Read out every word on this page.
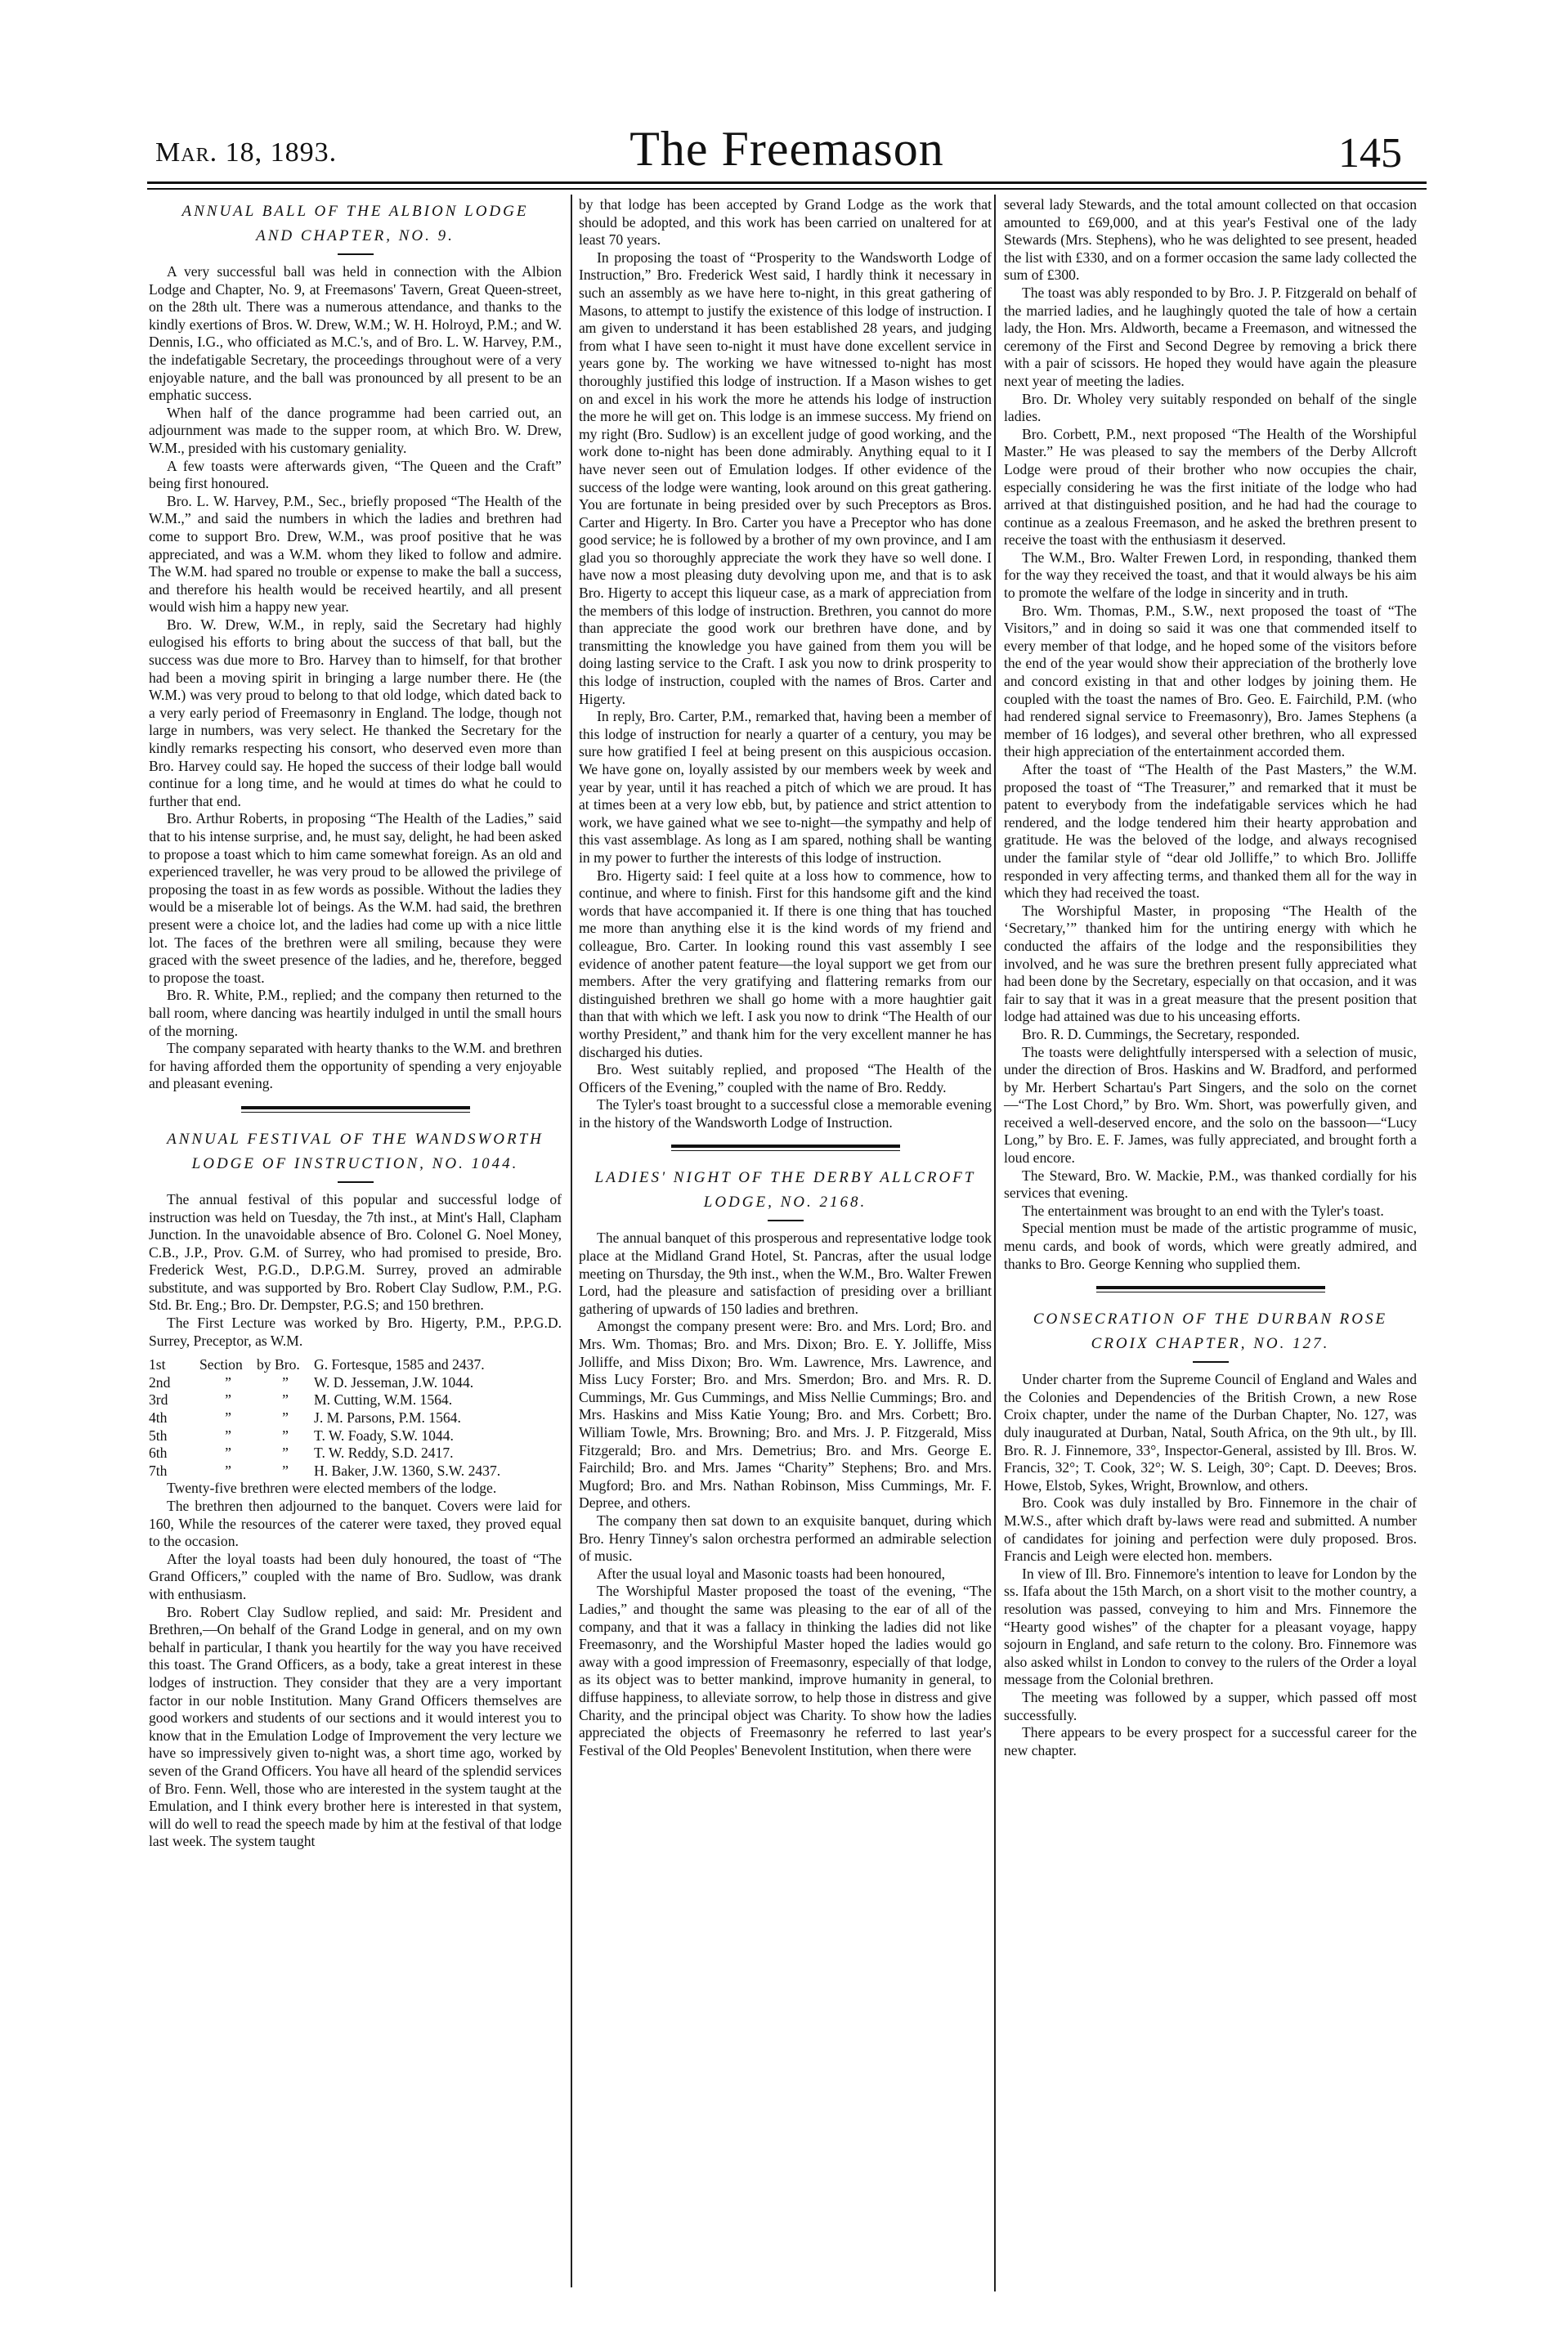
Mar. 18, 1893.	The Freemason	145
ANNUAL BALL OF THE ALBION LODGE
AND CHAPTER, NO. 9.

A very successful ball was held in connection with the Albion Lodge and Chapter, No. 9, at Freemasons' Tavern, Great Queen-street, on the 28th ult. There was a numerous attendance, and thanks to the kindly exertions of Bros. W. Drew, W.M.; W. H. Holroyd, P.M.; and W. Dennis, I.G., who officiated as M.C.'s, and of Bro. L. W. Harvey, P.M., the indefatigable Secretary, the proceedings throughout were of a very enjoyable nature, and the ball was pronounced by all present to be an emphatic success.

When half of the dance programme had been carried out, an adjournment was made to the supper room, at which Bro. W. Drew, W.M., presided with his customary geniality.

A few toasts were afterwards given, “The Queen and the Craft” being first honoured.

Bro. L. W. Harvey, P.M., Sec., briefly proposed “The Health of the W.M.,” and said the numbers in which the ladies and brethren had come to support Bro. Drew, W.M., was proof positive that he was appreciated, and was a W.M. whom they liked to follow and admire. The W.M. had spared no trouble or expense to make the ball a success, and therefore his health would be received heartily, and all present would wish him a happy new year.

Bro. W. Drew, W.M., in reply, said the Secretary had highly eulogised his efforts to bring about the success of that ball, but the success was due more to Bro. Harvey than to himself, for that brother had been a moving spirit in bringing a large number there. He (the W.M.) was very proud to belong to that old lodge, which dated back to a very early period of Freemasonry in England. The lodge, though not large in numbers, was very select. He thanked the Secretary for the kindly remarks respecting his consort, who deserved even more than Bro. Harvey could say. He hoped the success of their lodge ball would continue for a long time, and he would at times do what he could to further that end.

Bro. Arthur Roberts, in proposing “The Health of the Ladies,” said that to his intense surprise, and, he must say, delight, he had been asked to propose a toast which to him came somewhat foreign. As an old and experienced traveller, he was very proud to be allowed the privilege of proposing the toast in as few words as possible. Without the ladies they would be a miserable lot of beings. As the W.M. had said, the brethren present were a choice lot, and the ladies had come up with a nice little lot. The faces of the brethren were all smiling, because they were graced with the sweet presence of the ladies, and he, therefore, begged to propose the toast.

Bro. R. White, P.M., replied; and the company then returned to the ball room, where dancing was heartily indulged in until the small hours of the morning.

The company separated with hearty thanks to the W.M. and brethren for having afforded them the opportunity of spending a very enjoyable and pleasant evening.

ANNUAL FESTIVAL OF THE WANDSWORTH
LODGE OF INSTRUCTION, NO. 1044.

The annual festival of this popular and successful lodge of instruction was held on Tuesday, the 7th inst., at Mint's Hall, Clapham Junction. In the unavoidable absence of Bro. Colonel G. Noel Money, C.B., J.P., Prov. G.M. of Surrey, who had promised to preside, Bro. Frederick West, P.G.D., D.P.G.M. Surrey, proved an admirable substitute, and was supported by Bro. Robert Clay Sudlow, P.M., P.G. Std. Br. Eng.; Bro. Dr. Dempster, P.G.S; and 150 brethren.

The First Lecture was worked by Bro. Higerty, P.M., P.P.G.D. Surrey, Preceptor, as W.M.

1st	Section	by Bro.	G. Fortesque, 1585 and 2437.
2nd	”	”	W. D. Jesseman, J.W. 1044.
3rd	”	”	M. Cutting, W.M. 1564.
4th	”	”	J. M. Parsons, P.M. 1564.
5th	”	”	T. W. Foady, S.W. 1044.
6th	”	”	T. W. Reddy, S.D. 2417.
7th	”	”	H. Baker, J.W. 1360, S.W. 2437.

Twenty-five brethren were elected members of the lodge.

The brethren then adjourned to the banquet. Covers were laid for 160, While the resources of the caterer were taxed, they proved equal to the occasion.

After the loyal toasts had been duly honoured, the toast of “The Grand Officers,” coupled with the name of Bro. Sudlow, was drank with enthusiasm.

Bro. Robert Clay Sudlow replied, and said: Mr. President and Brethren,—On behalf of the Grand Lodge in general, and on my own behalf in particular, I thank you heartily for the way you have received this toast. The Grand Officers, as a body, take a great interest in these lodges of instruction. They consider that they are a very important factor in our noble Institution. Many Grand Officers themselves are good workers and students of our sections and it would interest you to know that in the Emulation Lodge of Improvement the very lecture we have so impressively given to-night was, a short time ago, worked by seven of the Grand Officers. You have all heard of the splendid services of Bro. Fenn. Well, those who are interested in the system taught at the Emulation, and I think every brother here is interested in that system, will do well to read the speech made by him at the festival of that lodge last week. The system taught

by that lodge has been accepted by Grand Lodge as the work that should be adopted, and this work has been carried on unaltered for at least 70 years.

In proposing the toast of “Prosperity to the Wandsworth Lodge of Instruction,” Bro. Frederick West said, I hardly think it necessary in such an assembly as we have here to-night, in this great gathering of Masons, to attempt to justify the existence of this lodge of instruction. I am given to understand it has been established 28 years, and judging from what I have seen to-night it must have done excellent service in years gone by. The working we have witnessed to-night has most thoroughly justified this lodge of instruction. If a Mason wishes to get on and excel in his work the more he attends his lodge of instruction the more he will get on. This lodge is an immese success. My friend on my right (Bro. Sudlow) is an excellent judge of good working, and the work done to-night has been done admirably. Anything equal to it I have never seen out of Emulation lodges. If other evidence of the success of the lodge were wanting, look around on this great gathering. You are fortunate in being presided over by such Preceptors as Bros. Carter and Higerty. In Bro. Carter you have a Preceptor who has done good service; he is followed by a brother of my own province, and I am glad you so thoroughly appreciate the work they have so well done. I have now a most pleasing duty devolving upon me, and that is to ask Bro. Higerty to accept this liqueur case, as a mark of appreciation from the members of this lodge of instruction. Brethren, you cannot do more than appreciate the good work our brethren have done, and by transmitting the knowledge you have gained from them you will be doing lasting service to the Craft. I ask you now to drink prosperity to this lodge of instruction, coupled with the names of Bros. Carter and Higerty.

In reply, Bro. Carter, P.M., remarked that, having been a member of this lodge of instruction for nearly a quarter of a century, you may be sure how gratified I feel at being present on this auspicious occasion. We have gone on, loyally assisted by our members week by week and year by year, until it has reached a pitch of which we are proud. It has at times been at a very low ebb, but, by patience and strict attention to work, we have gained what we see to-night—the sympathy and help of this vast assemblage. As long as I am spared, nothing shall be wanting in my power to further the interests of this lodge of instruction.

Bro. Higerty said: I feel quite at a loss how to commence, how to continue, and where to finish. First for this handsome gift and the kind words that have accompanied it. If there is one thing that has touched me more than anything else it is the kind words of my friend and colleague, Bro. Carter. In looking round this vast assembly I see evidence of another patent feature—the loyal support we get from our members. After the very gratifying and flattering remarks from our distinguished brethren we shall go home with a more haughtier gait than that with which we left. I ask you now to drink “The Health of our worthy President,” and thank him for the very excellent manner he has discharged his duties.

Bro. West suitably replied, and proposed “The Health of the Officers of the Evening,” coupled with the name of Bro. Reddy.

The Tyler's toast brought to a successful close a memorable evening in the history of the Wandsworth Lodge of Instruction.

LADIES' NIGHT OF THE DERBY ALLCROFT
LODGE, NO. 2168.

The annual banquet of this prosperous and representative lodge took place at the Midland Grand Hotel, St. Pancras, after the usual lodge meeting on Thursday, the 9th inst., when the W.M., Bro. Walter Frewen Lord, had the pleasure and satisfaction of presiding over a brilliant gathering of upwards of 150 ladies and brethren.

Amongst the company present were: Bro. and Mrs. Lord; Bro. and Mrs. Wm. Thomas; Bro. and Mrs. Dixon; Bro. E. Y. Jolliffe, Miss Jolliffe, and Miss Dixon; Bro. Wm. Lawrence, Mrs. Lawrence, and Miss Lucy Forster; Bro. and Mrs. Smerdon; Bro. and Mrs. R. D. Cummings, Mr. Gus Cummings, and Miss Nellie Cummings; Bro. and Mrs. Haskins and Miss Katie Young; Bro. and Mrs. Corbett; Bro. William Towle, Mrs. Browning; Bro. and Mrs. J. P. Fitzgerald, Miss Fitzgerald; Bro. and Mrs. Demetrius; Bro. and Mrs. George E. Fairchild; Bro. and Mrs. James “Charity” Stephens; Bro. and Mrs. Mugford; Bro. and Mrs. Nathan Robinson, Miss Cummings, Mr. F. Depree, and others.

The company then sat down to an exquisite banquet, during which Bro. Henry Tinney's salon orchestra performed an admirable selection of music.

After the usual loyal and Masonic toasts had been honoured,

The Worshipful Master proposed the toast of the evening, “The Ladies,” and thought the same was pleasing to the ear of all of the company, and that it was a fallacy in thinking the ladies did not like Freemasonry, and the Worshipful Master hoped the ladies would go away with a good impression of Freemasonry, especially of that lodge, as its object was to better mankind, improve humanity in general, to diffuse happiness, to alleviate sorrow, to help those in distress and give Charity, and the principal object was Charity. To show how the ladies appreciated the objects of Freemasonry he referred to last year's Festival of the Old Peoples' Benevolent Institution, when there were

several lady Stewards, and the total amount collected on that occasion amounted to £69,000, and at this year's Festival one of the lady Stewards (Mrs. Stephens), who he was delighted to see present, headed the list with £330, and on a former occasion the same lady collected the sum of £300.

The toast was ably responded to by Bro. J. P. Fitzgerald on behalf of the married ladies, and he laughingly quoted the tale of how a certain lady, the Hon. Mrs. Aldworth, became a Freemason, and witnessed the ceremony of the First and Second Degree by removing a brick there with a pair of scissors. He hoped they would have again the pleasure next year of meeting the ladies.

Bro. Dr. Wholey very suitably responded on behalf of the single ladies.

Bro. Corbett, P.M., next proposed “The Health of the Worshipful Master.” He was pleased to say the members of the Derby Allcroft Lodge were proud of their brother who now occupies the chair, especially considering he was the first initiate of the lodge who had arrived at that distinguished position, and he had had the courage to continue as a zealous Freemason, and he asked the brethren present to receive the toast with the enthusiasm it deserved.

The W.M., Bro. Walter Frewen Lord, in responding, thanked them for the way they received the toast, and that it would always be his aim to promote the welfare of the lodge in sincerity and in truth.

Bro. Wm. Thomas, P.M., S.W., next proposed the toast of “The Visitors,” and in doing so said it was one that commended itself to every member of that lodge, and he hoped some of the visitors before the end of the year would show their appreciation of the brotherly love and concord existing in that and other lodges by joining them. He coupled with the toast the names of Bro. Geo. E. Fairchild, P.M. (who had rendered signal service to Freemasonry), Bro. James Stephens (a member of 16 lodges), and several other brethren, who all expressed their high appreciation of the entertainment accorded them.

After the toast of “The Health of the Past Masters,” the W.M. proposed the toast of “The Treasurer,” and remarked that it must be patent to everybody from the indefatigable services which he had rendered, and the lodge tendered him their hearty approbation and gratitude. He was the beloved of the lodge, and always recognised under the familar style of “dear old Jolliffe,” to which Bro. Jolliffe responded in very affecting terms, and thanked them all for the way in which they had received the toast.

The Worshipful Master, in proposing “The Health of the ‘Secretary,’” thanked him for the untiring energy with which he conducted the affairs of the lodge and the responsibilities they involved, and he was sure the brethren present fully appreciated what had been done by the Secretary, especially on that occasion, and it was fair to say that it was in a great measure that the present position that lodge had attained was due to his unceasing efforts.

Bro. R. D. Cummings, the Secretary, responded.

The toasts were delightfully interspersed with a selection of music, under the direction of Bros. Haskins and W. Bradford, and performed by Mr. Herbert Schartau's Part Singers, and the solo on the cornet—“The Lost Chord,” by Bro. Wm. Short, was powerfully given, and received a well-deserved encore, and the solo on the bassoon—“Lucy Long,” by Bro. E. F. James, was fully appreciated, and brought forth a loud encore.

The Steward, Bro. W. Mackie, P.M., was thanked cordially for his services that evening.

The entertainment was brought to an end with the Tyler's toast.

Special mention must be made of the artistic programme of music, menu cards, and book of words, which were greatly admired, and thanks to Bro. George Kenning who supplied them.

CONSECRATION OF THE DURBAN ROSE
CROIX CHAPTER, NO. 127.

Under charter from the Supreme Council of England and Wales and the Colonies and Dependencies of the British Crown, a new Rose Croix chapter, under the name of the Durban Chapter, No. 127, was duly inaugurated at Durban, Natal, South Africa, on the 9th ult., by Ill. Bro. R. J. Finnemore, 33°, Inspector-General, assisted by Ill. Bros. W. Francis, 32°; T. Cook, 32°; W. S. Leigh, 30°; Capt. D. Deeves; Bros. Howe, Elstob, Sykes, Wright, Brownlow, and others.

Bro. Cook was duly installed by Bro. Finnemore in the chair of M.W.S., after which draft by-laws were read and submitted. A number of candidates for joining and perfection were duly proposed. Bros. Francis and Leigh were elected hon. members.

In view of Ill. Bro. Finnemore's intention to leave for London by the ss. Ifafa about the 15th March, on a short visit to the mother country, a resolution was passed, conveying to him and Mrs. Finnemore the “Hearty good wishes” of the chapter for a pleasant voyage, happy sojourn in England, and safe return to the colony. Bro. Finnemore was also asked whilst in London to convey to the rulers of the Order a loyal message from the Colonial brethren.

The meeting was followed by a supper, which passed off most successfully.

There appears to be every prospect for a successful career for the new chapter.
